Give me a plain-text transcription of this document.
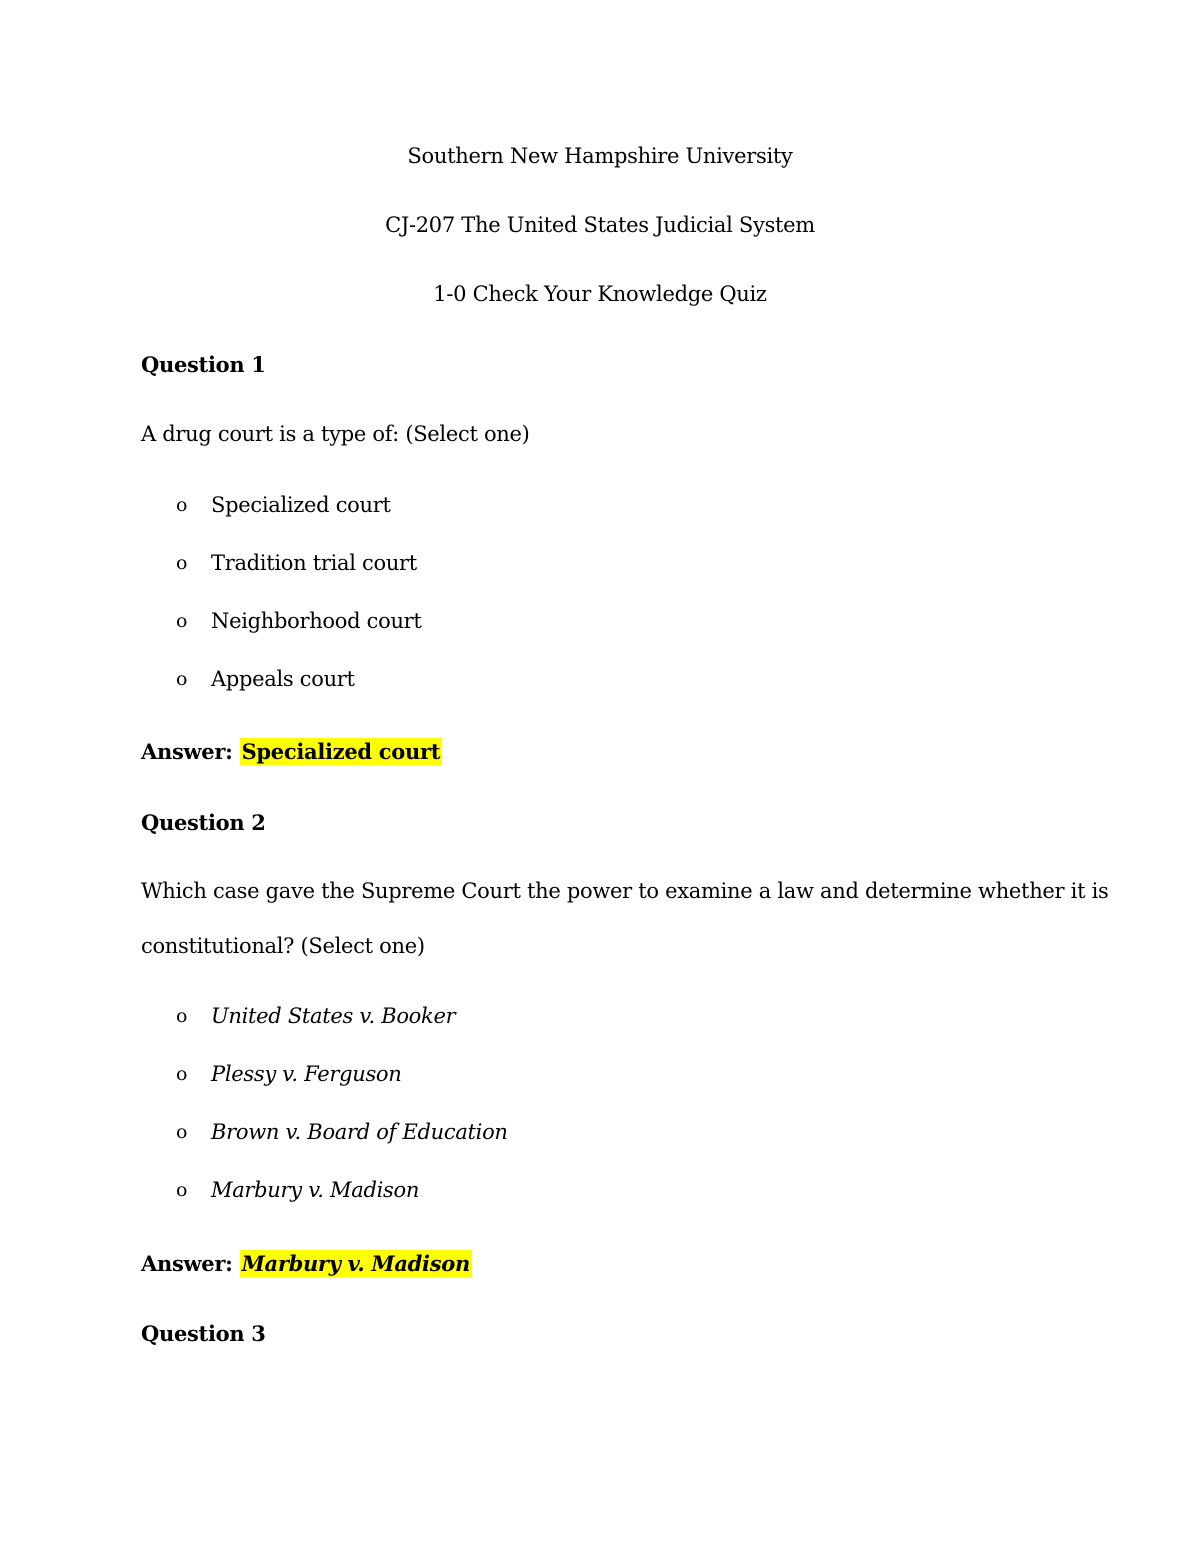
Southern New Hampshire University
CJ-207 The United States Judicial System
1-0 Check Your Knowledge Quiz
Question 1
A drug court is a type of: (Select one)
o Specialized court
o Tradition trial court
o Neighborhood court
o Appeals court
Answer: Specialized court
Question 2
Which case gave the Supreme Court the power to examine a law and determine whether it is
constitutional? (Select one)
o United States v. Booker
o Plessy v. Ferguson
o Brown v. Board of Education
o Marbury v. Madison
Answer: Marbury v. Madison
Question 3
